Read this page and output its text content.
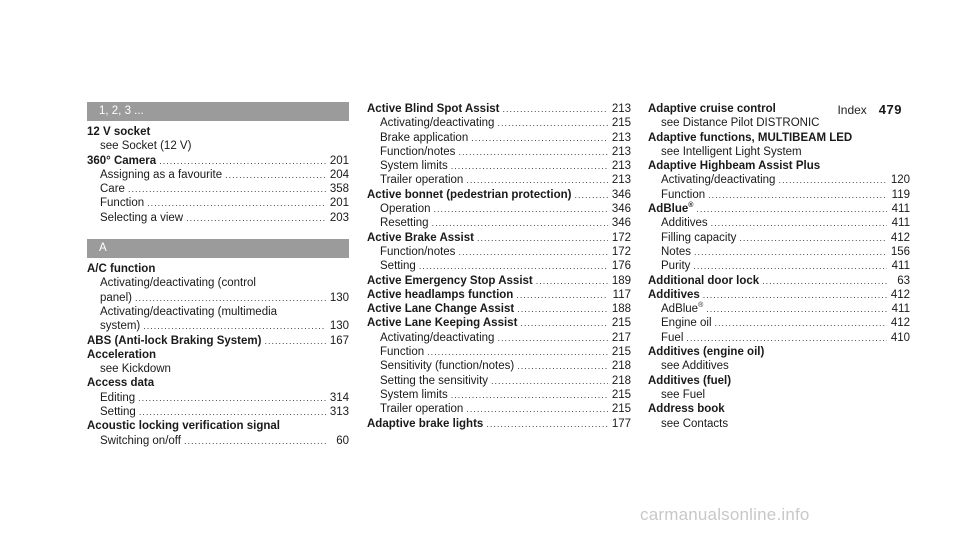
Index 479
1, 2, 3 ...
12 V socket
see Socket (12 V)
360° Camera .....	201
Assigning as a favourite .....	204
Care .....	358
Function .....	201
Selecting a view .....	203
A
A/C function
Activating/deactivating (control
panel) .....	130
Activating/deactivating (multimedia
system) .....	130
ABS (Anti-lock Braking System) .....	167
Acceleration
see Kickdown
Access data
Editing .....	314
Setting .....	313
Acoustic locking verification signal
Switching on/off .....	60
Active Blind Spot Assist .....	213
Activating/deactivating .....	215
Brake application .....	213
Function/notes .....	213
System limits .....	213
Trailer operation .....	213
Active bonnet (pedestrian protection) .....	346
Operation .....	346
Resetting .....	346
Active Brake Assist .....	172
Function/notes .....	172
Setting .....	176
Active Emergency Stop Assist .....	189
Active headlamps function .....	117
Active Lane Change Assist .....	188
Active Lane Keeping Assist .....	215
Activating/deactivating .....	217
Function .....	215
Sensitivity (function/notes) .....	218
Setting the sensitivity .....	218
System limits .....	215
Trailer operation .....	215
Adaptive brake lights .....	177
Adaptive cruise control
see Distance Pilot DISTRONIC
Adaptive functions, MULTIBEAM LED
see Intelligent Light System
Adaptive Highbeam Assist Plus
Activating/deactivating .....	120
Function .....	119
AdBlue® .....	411
Additives .....	411
Filling capacity .....	412
Notes .....	156
Purity .....	411
Additional door lock .....	63
Additives .....	412
AdBlue® .....	411
Engine oil .....	412
Fuel .....	410
Additives (engine oil)
see Additives
Additives (fuel)
see Fuel
Address book
see Contacts
carmanualsonline.info
